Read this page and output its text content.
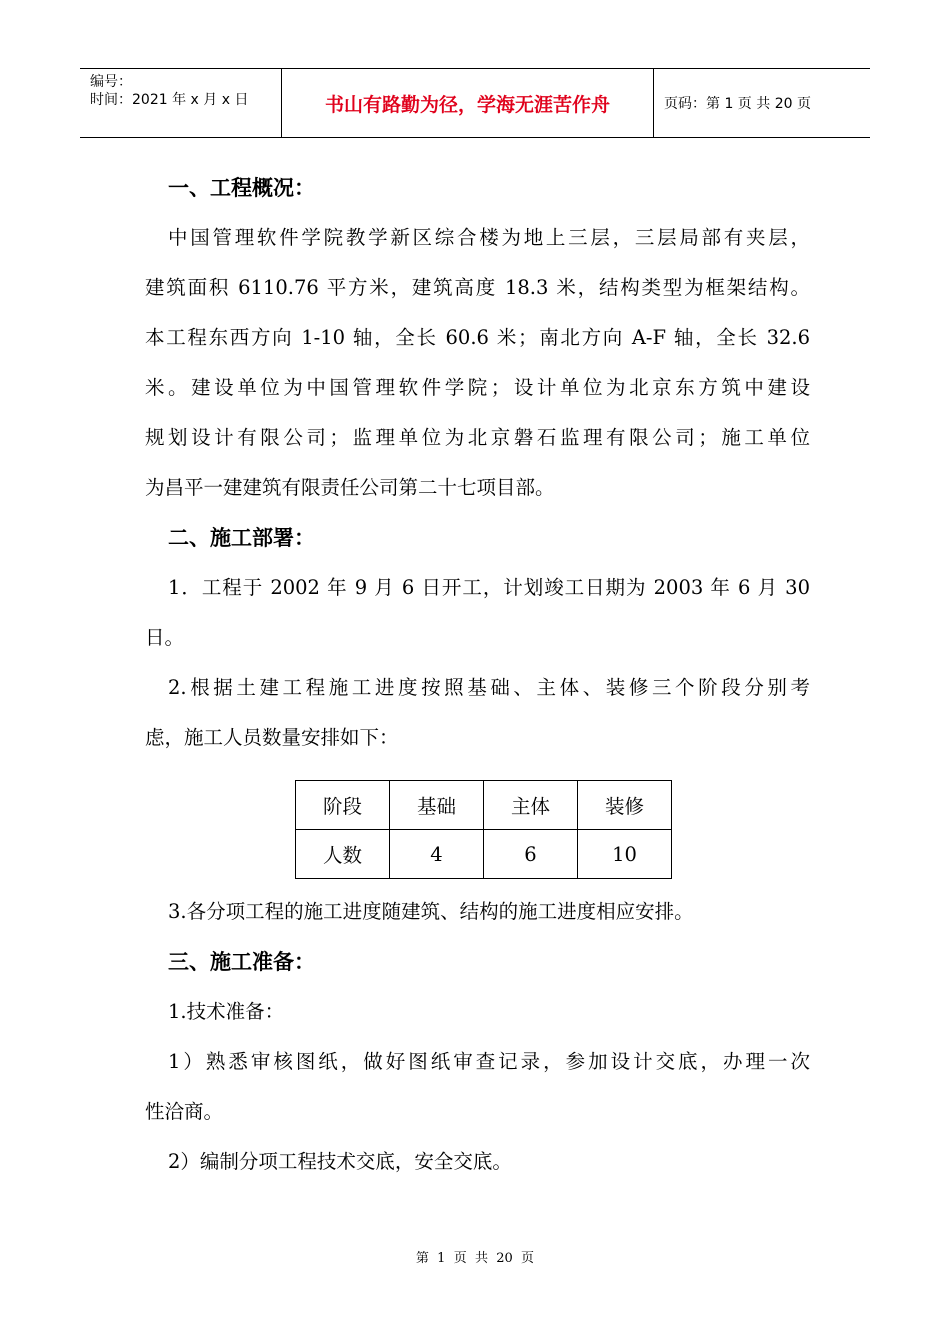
编号：
时间：2021 年 x 月 x 日	书山有路勤为径，学海无涯苦作舟	页码：第 1 页 共 20 页
一、工程概况：
中国管理软件学院教学新区综合楼为地上三层，三层局部有夹层，
建筑面积 6110.76 平方米，建筑高度 18.3 米，结构类型为框架结构。
本工程东西方向 1-10 轴，全长 60.6 米；南北方向 A-F 轴，全长 32.6
米。建设单位为中国管理软件学院；设计单位为北京东方筑中建设
规划设计有限公司；监理单位为北京磐石监理有限公司；施工单位
为昌平一建建筑有限责任公司第二十七项目部。
二、施工部署：
1．工程于 2002 年 9 月 6 日开工，计划竣工日期为 2003 年 6 月 30
日。
2.根据土建工程施工进度按照基础、主体、装修三个阶段分别考
虑，施工人员数量安排如下：
阶段	基础	主体	装修
人数	4	6	10
3.各分项工程的施工进度随建筑、结构的施工进度相应安排。
三、施工准备：
1.技术准备：
1）熟悉审核图纸，做好图纸审查记录，参加设计交底，办理一次
性洽商。
2）编制分项工程技术交底，安全交底。
第  1  页  共  20  页
